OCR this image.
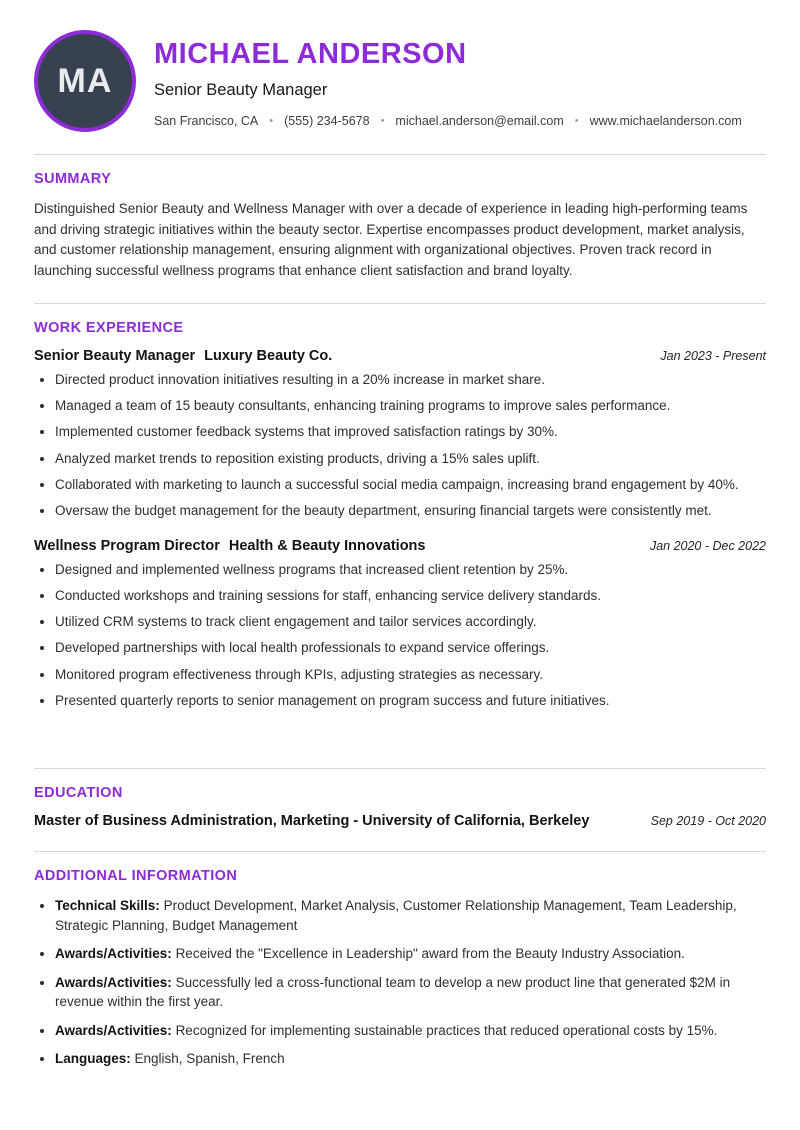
MA
MICHAEL ANDERSON

Senior Beauty Manager

San Francisco, CA • (555) 234-5678 • michael.anderson@email.com • www.michaelanderson.com
SUMMARY

Distinguished Senior Beauty and Wellness Manager with over a decade of experience in leading high-performing teams and driving strategic initiatives within the beauty sector. Expertise encompasses product development, market analysis, and customer relationship management, ensuring alignment with organizational objectives. Proven track record in launching successful wellness programs that enhance client satisfaction and brand loyalty.

WORK EXPERIENCE
Senior Beauty Manager Luxury Beauty Co.	Jan 2023 - Present
• Directed product innovation initiatives resulting in a 20% increase in market share.
• Managed a team of 15 beauty consultants, enhancing training programs to improve sales performance.
• Implemented customer feedback systems that improved satisfaction ratings by 30%.
• Analyzed market trends to reposition existing products, driving a 15% sales uplift.
• Collaborated with marketing to launch a successful social media campaign, increasing brand engagement by 40%.
• Oversaw the budget management for the beauty department, ensuring financial targets were consistently met.
Wellness Program Director Health & Beauty Innovations	Jan 2020 - Dec 2022
• Designed and implemented wellness programs that increased client retention by 25%.
• Conducted workshops and training sessions for staff, enhancing service delivery standards.
• Utilized CRM systems to track client engagement and tailor services accordingly.
• Developed partnerships with local health professionals to expand service offerings.
• Monitored program effectiveness through KPIs, adjusting strategies as necessary.
• Presented quarterly reports to senior management on program success and future initiatives.
EDUCATION
Master of Business Administration, Marketing - University of California, Berkeley	Sep 2019 - Oct 2020
ADDITIONAL INFORMATION
• Technical Skills: Product Development, Market Analysis, Customer Relationship Management, Team Leadership, Strategic Planning, Budget Management
• Awards/Activities: Received the "Excellence in Leadership" award from the Beauty Industry Association.
• Awards/Activities: Successfully led a cross-functional team to develop a new product line that generated $2M in revenue within the first year.
• Awards/Activities: Recognized for implementing sustainable practices that reduced operational costs by 15%.
• Languages: English, Spanish, French
